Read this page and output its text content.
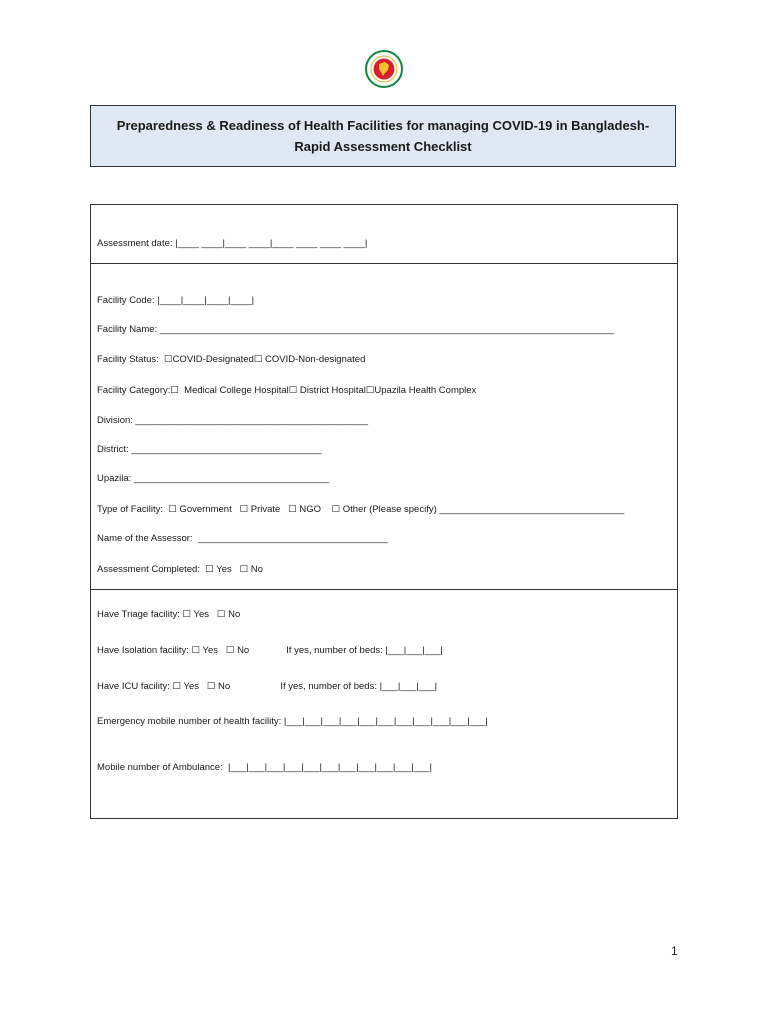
Preparedness & Readiness of Health Facilities for managing COVID-19 in Bangladesh-
Rapid Assessment Checklist
Assessment date: |____ ____|____ ____|____ ____ ____ ____|
Facility Code: |____|____|____|____|
Facility Name: ______________________________________________________________________________________
Facility Status:  ☐COVID-Designated☐ COVID-Non-designated
Facility Category:☐  Medical College Hospital☐ District Hospital☐Upazila Health Complex
Division: ____________________________________________
District: ____________________________________
Upazila: _____________________________________
Type of Facility:  ☐ Government   ☐ Private   ☐ NGO    ☐ Other (Please specify) ___________________________________
Name of the Assessor:  ____________________________________
Assessment Completed:  ☐ Yes   ☐ No
Have Triage facility: ☐ Yes   ☐ No
Have Isolation facility: ☐ Yes   ☐ No              If yes, number of beds: |___|___|___|
Have ICU facility: ☐ Yes   ☐ No                   If yes, number of beds: |___|___|___|
Emergency mobile number of health facility: |___|___|___|___|___|___|___|___|___|___|___|
Mobile number of Ambulance:  |___|___|___|___|___|___|___|___|___|___|___|
1
